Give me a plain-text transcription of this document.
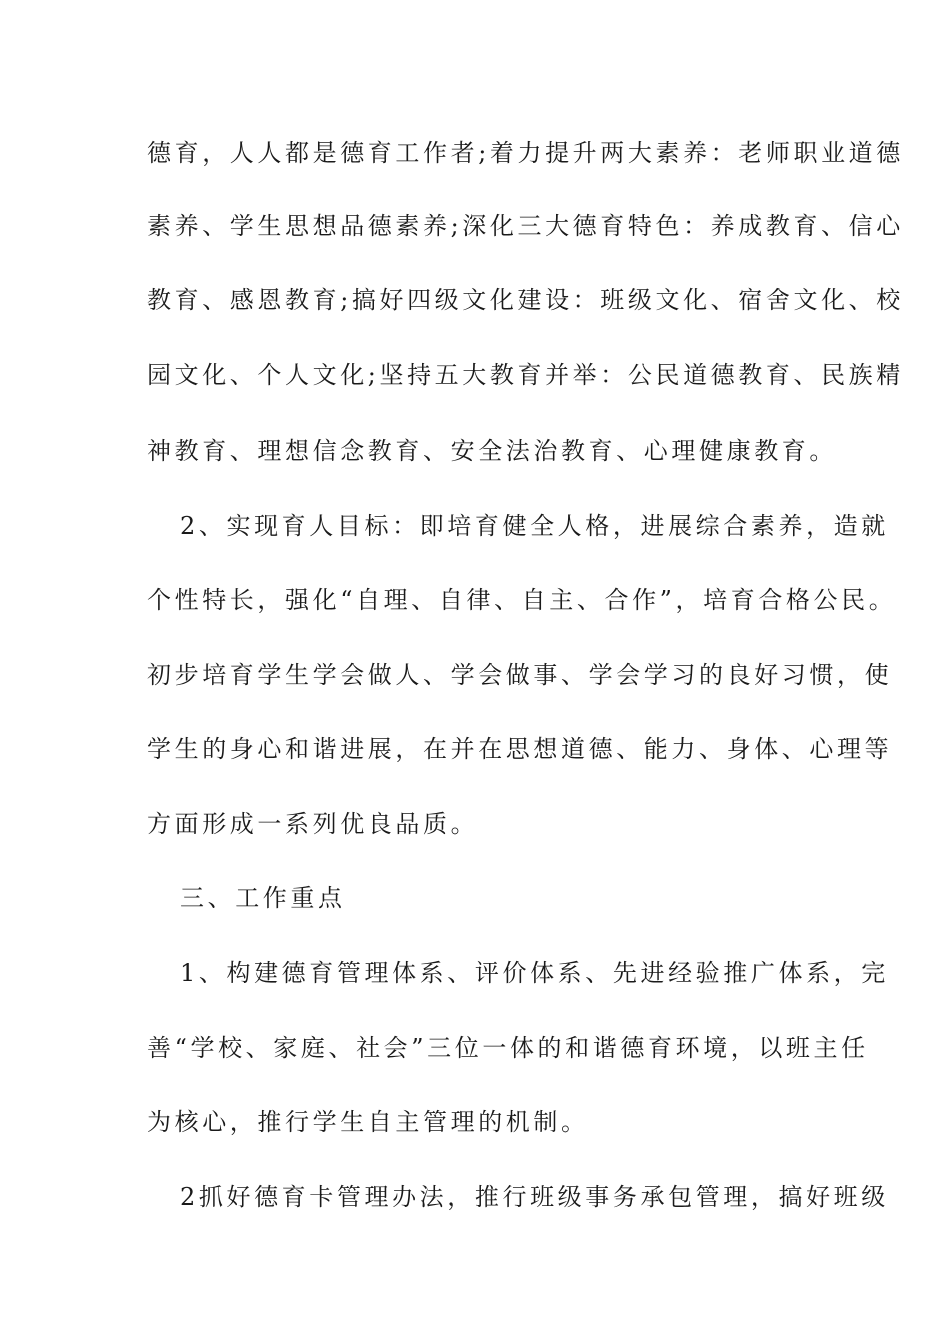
德育，人人都是德育工作者;着力提升两大素养：老师职业道德
素养、学生思想品德素养;深化三大德育特色：养成教育、信心
教育、感恩教育;搞好四级文化建设：班级文化、宿舍文化、校
园文化、个人文化;坚持五大教育并举：公民道德教育、民族精
神教育、理想信念教育、安全法治教育、心理健康教育。
2、实现育人目标：即培育健全人格，进展综合素养，造就
个性特长，强化“自理、自律、自主、合作”，培育合格公民。
初步培育学生学会做人、学会做事、学会学习的良好习惯，使
学生的身心和谐进展，在并在思想道德、能力、身体、心理等
方面形成一系列优良品质。
三、工作重点
1、构建德育管理体系、评价体系、先进经验推广体系，完
善“学校、家庭、社会”三位一体的和谐德育环境，以班主任
为核心，推行学生自主管理的机制。
2抓好德育卡管理办法，推行班级事务承包管理，搞好班级
